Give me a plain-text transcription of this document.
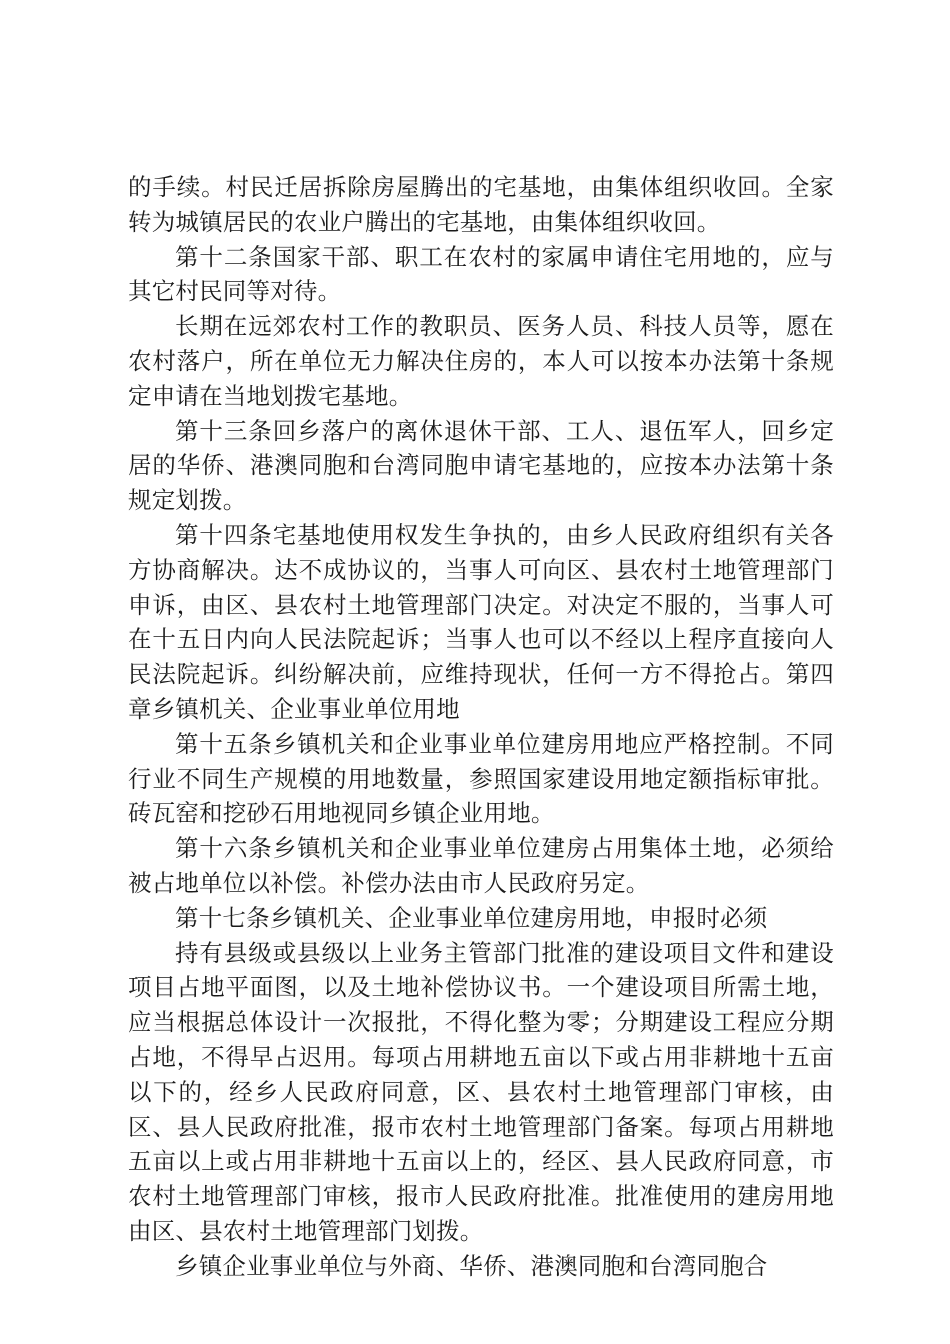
的手续。村民迁居拆除房屋腾出的宅基地，由集体组织收回。全家转为城镇居民的农业户腾出的宅基地，由集体组织收回。

第十二条国家干部、职工在农村的家属申请住宅用地的，应与其它村民同等对待。

长期在远郊农村工作的教职员、医务人员、科技人员等，愿在农村落户，所在单位无力解决住房的，本人可以按本办法第十条规定申请在当地划拨宅基地。

第十三条回乡落户的离休退休干部、工人、退伍军人，回乡定居的华侨、港澳同胞和台湾同胞申请宅基地的，应按本办法第十条规定划拨。

第十四条宅基地使用权发生争执的，由乡人民政府组织有关各方协商解决。达不成协议的，当事人可向区、县农村土地管理部门申诉，由区、县农村土地管理部门决定。对决定不服的，当事人可在十五日内向人民法院起诉；当事人也可以不经以上程序直接向人民法院起诉。纠纷解决前，应维持现状，任何一方不得抢占。第四章乡镇机关、企业事业单位用地

第十五条乡镇机关和企业事业单位建房用地应严格控制。不同行业不同生产规模的用地数量，参照国家建设用地定额指标审批。砖瓦窑和挖砂石用地视同乡镇企业用地。

第十六条乡镇机关和企业事业单位建房占用集体土地，必须给被占地单位以补偿。补偿办法由市人民政府另定。

第十七条乡镇机关、企业事业单位建房用地，申报时必须

持有县级或县级以上业务主管部门批准的建设项目文件和建设项目占地平面图，以及土地补偿协议书。一个建设项目所需土地，应当根据总体设计一次报批，不得化整为零；分期建设工程应分期占地，不得早占迟用。每项占用耕地五亩以下或占用非耕地十五亩以下的，经乡人民政府同意，区、县农村土地管理部门审核，由区、县人民政府批准，报市农村土地管理部门备案。每项占用耕地五亩以上或占用非耕地十五亩以上的，经区、县人民政府同意，市农村土地管理部门审核，报市人民政府批准。批准使用的建房用地由区、县农村土地管理部门划拨。

乡镇企业事业单位与外商、华侨、港澳同胞和台湾同胞合
